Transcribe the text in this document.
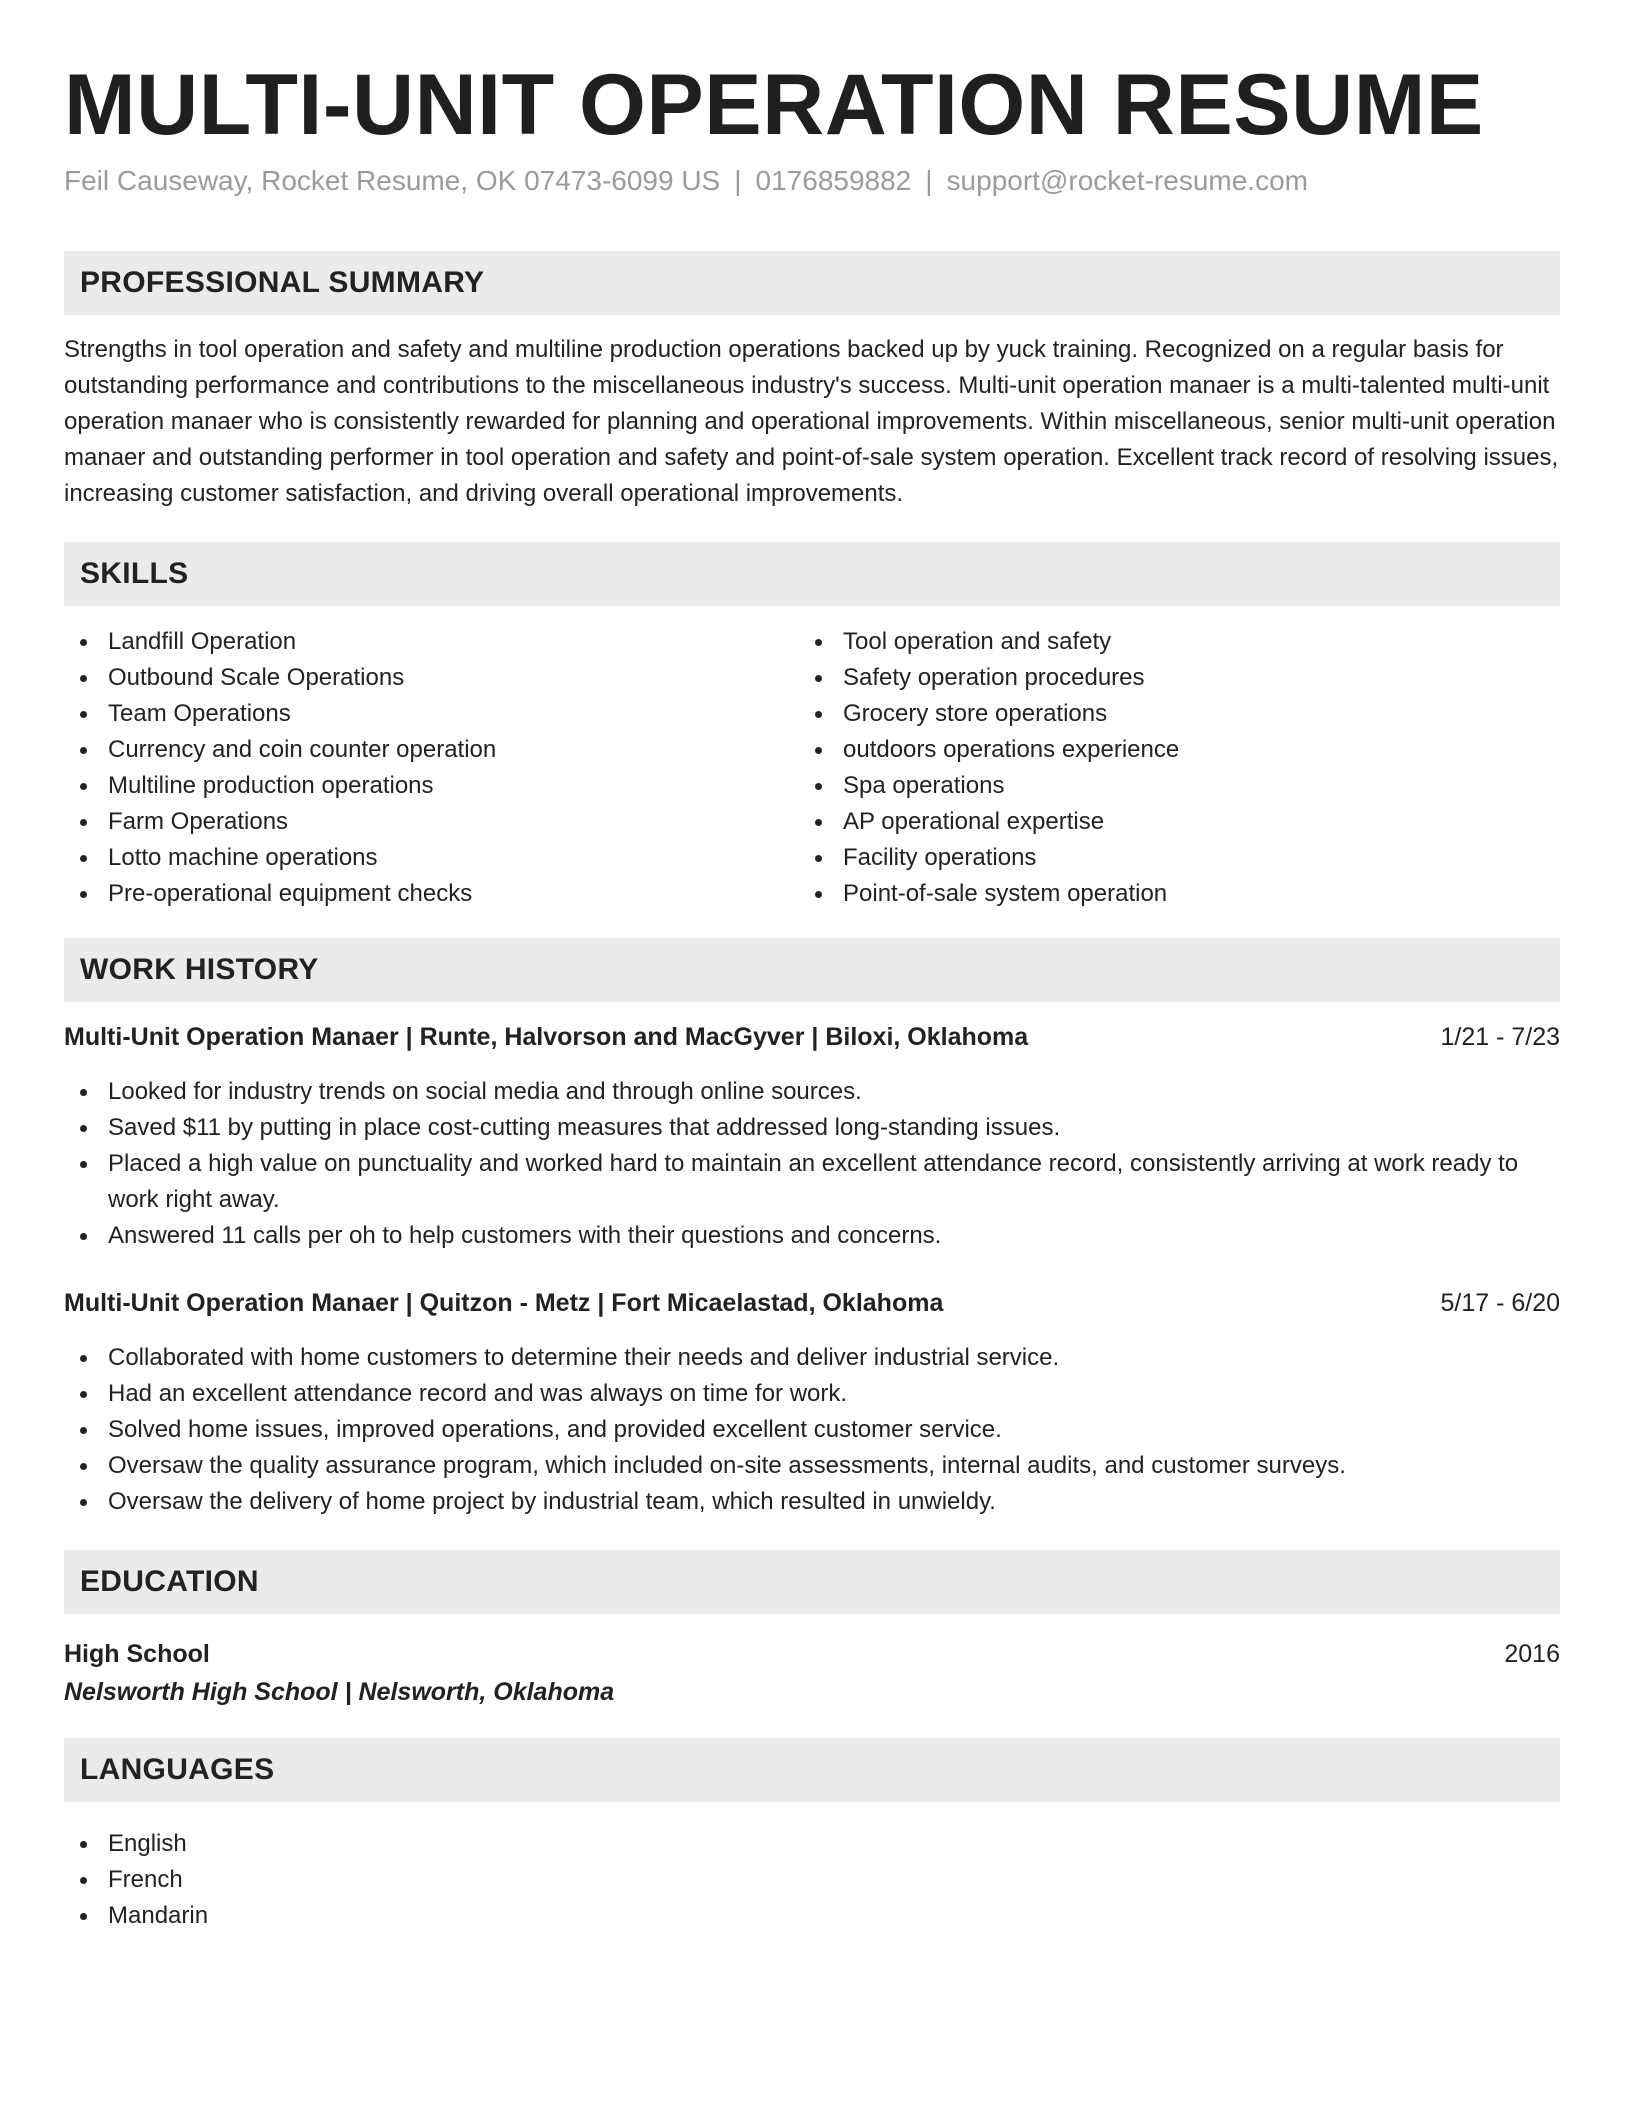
MULTI-UNIT OPERATION RESUME
Feil Causeway, Rocket Resume, OK 07473-6099 US | 0176859882 | support@rocket-resume.com
PROFESSIONAL SUMMARY

Strengths in tool operation and safety and multiline production operations backed up by yuck training. Recognized on a regular basis for outstanding performance and contributions to the miscellaneous industry's success. Multi-unit operation manaer is a multi-talented multi-unit operation manaer who is consistently rewarded for planning and operational improvements. Within miscellaneous, senior multi-unit operation manaer and outstanding performer in tool operation and safety and point-of-sale system operation. Excellent track record of resolving issues, increasing customer satisfaction, and driving overall operational improvements.

SKILLS
Landfill Operation
Outbound Scale Operations
Team Operations
Currency and coin counter operation
Multiline production operations
Farm Operations
Lotto machine operations
Pre-operational equipment checks
Tool operation and safety
Safety operation procedures
Grocery store operations
outdoors operations experience
Spa operations
AP operational expertise
Facility operations
Point-of-sale system operation
WORK HISTORY
Multi-Unit Operation Manaer | Runte, Halvorson and MacGyver | Biloxi, Oklahoma	1/21 - 7/23
Looked for industry trends on social media and through online sources.
Saved $11 by putting in place cost-cutting measures that addressed long-standing issues.
Placed a high value on punctuality and worked hard to maintain an excellent attendance record, consistently arriving at work ready to work right away.
Answered 11 calls per oh to help customers with their questions and concerns.
Multi-Unit Operation Manaer | Quitzon - Metz | Fort Micaelastad, Oklahoma	5/17 - 6/20
Collaborated with home customers to determine their needs and deliver industrial service.
Had an excellent attendance record and was always on time for work.
Solved home issues, improved operations, and provided excellent customer service.
Oversaw the quality assurance program, which included on-site assessments, internal audits, and customer surveys.
Oversaw the delivery of home project by industrial team, which resulted in unwieldy.
EDUCATION
High School	2016
Nelsworth High School | Nelsworth, Oklahoma
LANGUAGES
English
French
Mandarin
